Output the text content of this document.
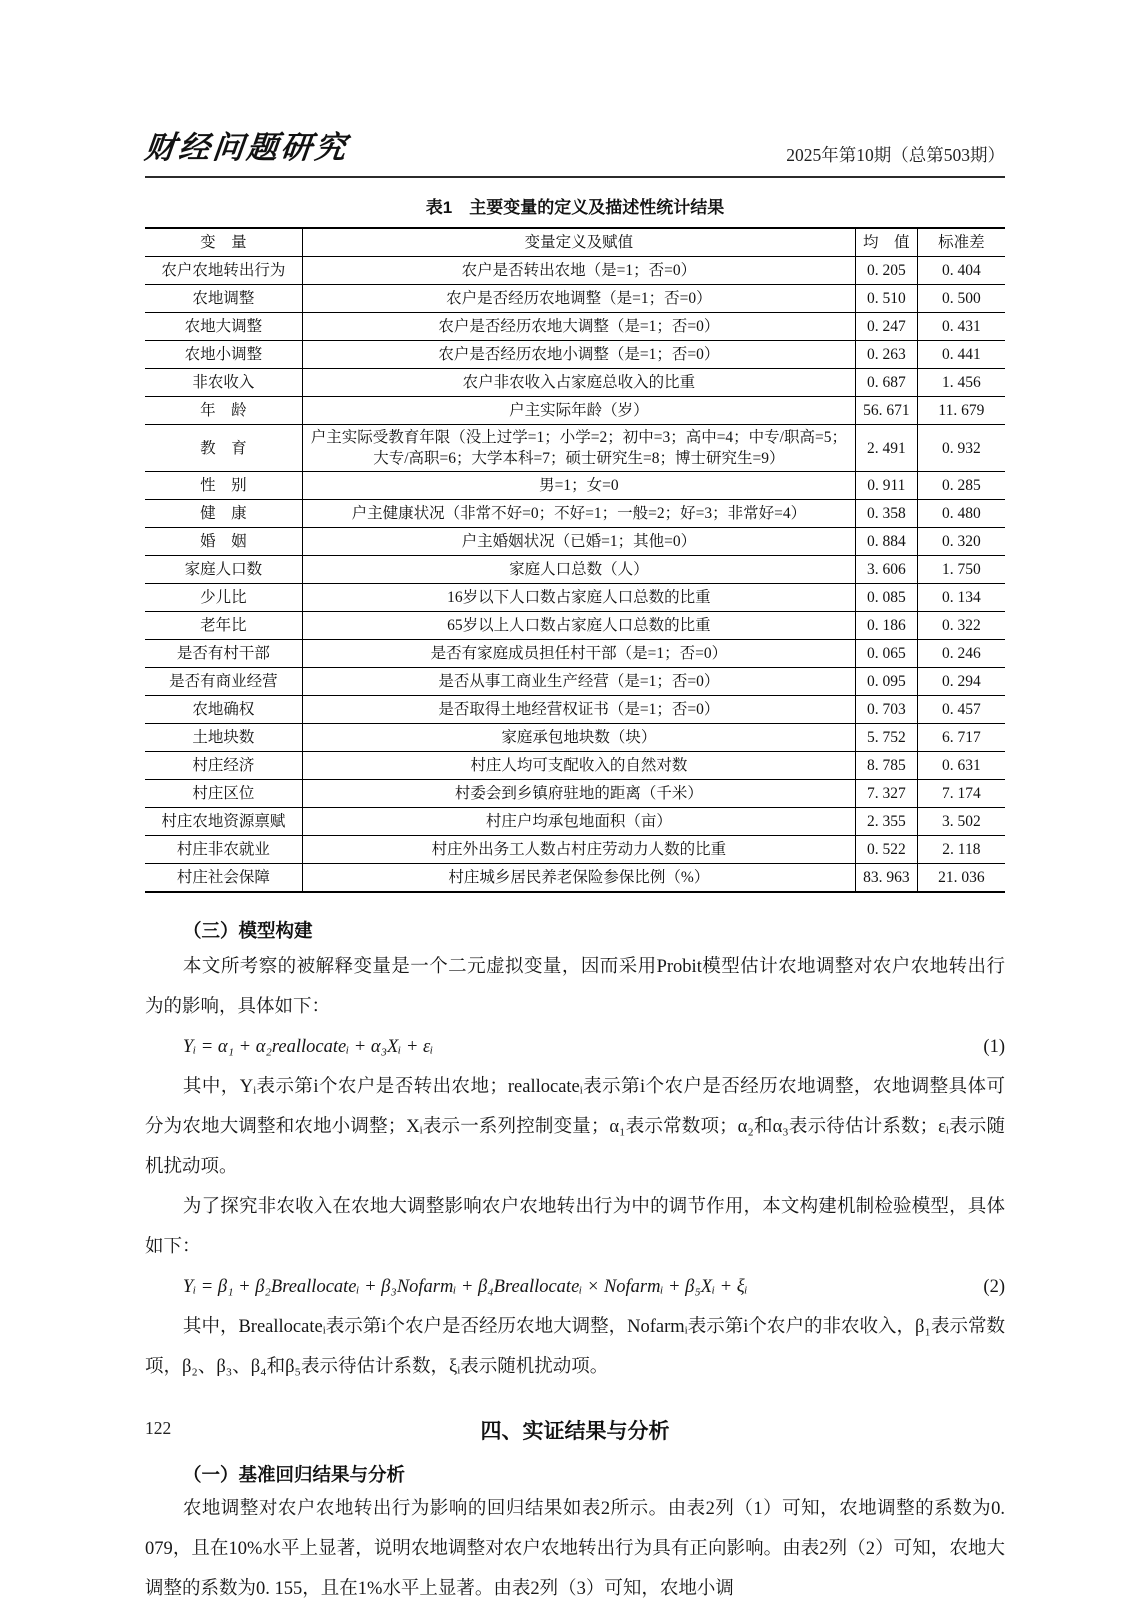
财经问题研究	2025年第10期（总第503期）
表1　主要变量的定义及描述性统计结果
变　量	变量定义及赋值	均　值	标准差
农户农地转出行为	农户是否转出农地（是=1；否=0）	0. 205	0. 404
农地调整	农户是否经历农地调整（是=1；否=0）	0. 510	0. 500
农地大调整	农户是否经历农地大调整（是=1；否=0）	0. 247	0. 431
农地小调整	农户是否经历农地小调整（是=1；否=0）	0. 263	0. 441
非农收入	农户非农收入占家庭总收入的比重	0. 687	1. 456
年　龄	户主实际年龄（岁）	56. 671	11. 679
教　育	户主实际受教育年限（没上过学=1；小学=2；初中=3；高中=4；中专/职高=5；大专/高职=6；大学本科=7；硕士研究生=8；博士研究生=9）	2. 491	0. 932
性　别	男=1；女=0	0. 911	0. 285
健　康	户主健康状况（非常不好=0；不好=1；一般=2；好=3；非常好=4）	0. 358	0. 480
婚　姻	户主婚姻状况（已婚=1；其他=0）	0. 884	0. 320
家庭人口数	家庭人口总数（人）	3. 606	1. 750
少儿比	16岁以下人口数占家庭人口总数的比重	0. 085	0. 134
老年比	65岁以上人口数占家庭人口总数的比重	0. 186	0. 322
是否有村干部	是否有家庭成员担任村干部（是=1；否=0）	0. 065	0. 246
是否有商业经营	是否从事工商业生产经营（是=1；否=0）	0. 095	0. 294
农地确权	是否取得土地经营权证书（是=1；否=0）	0. 703	0. 457
土地块数	家庭承包地块数（块）	5. 752	6. 717
村庄经济	村庄人均可支配收入的自然对数	8. 785	0. 631
村庄区位	村委会到乡镇府驻地的距离（千米）	7. 327	7. 174
村庄农地资源禀赋	村庄户均承包地面积（亩）	2. 355	3. 502
村庄非农就业	村庄外出务工人数占村庄劳动力人数的比重	0. 522	2. 118
村庄社会保障	村庄城乡居民养老保险参保比例（%）	83. 963	21. 036
（三）模型构建

本文所考察的被解释变量是一个二元虚拟变量，因而采用Probit模型估计农地调整对农户农地转出行为的影响，具体如下：

Yᵢ = α₁ + α₂reallocateᵢ + α₃Xᵢ + εᵢ	(1)

其中，Yᵢ表示第i个农户是否转出农地；reallocateᵢ表示第i个农户是否经历农地调整，农地调整具体可分为农地大调整和农地小调整；Xᵢ表示一系列控制变量；α₁表示常数项；α₂和α₃表示待估计系数；εᵢ表示随机扰动项。

为了探究非农收入在农地大调整影响农户农地转出行为中的调节作用，本文构建机制检验模型，具体如下：

Yᵢ = β₁ + β₂Breallocateᵢ + β₃Nofarmᵢ + β₄Breallocateᵢ × Nofarmᵢ + β₅Xᵢ + ξᵢ	(2)

其中，Breallocateᵢ表示第i个农户是否经历农地大调整，Nofarmᵢ表示第i个农户的非农收入，β₁表示常数项，β₂、β₃、β₄和β₅表示待估计系数，ξᵢ表示随机扰动项。

四、实证结果与分析
（一）基准回归结果与分析

农地调整对农户农地转出行为影响的回归结果如表2所示。由表2列（1）可知，农地调整的系数为0. 079，且在10%水平上显著，说明农地调整对农户农地转出行为具有正向影响。由表2列（2）可知，农地大调整的系数为0. 155，且在1%水平上显著。由表2列（3）可知，农地小调

122
